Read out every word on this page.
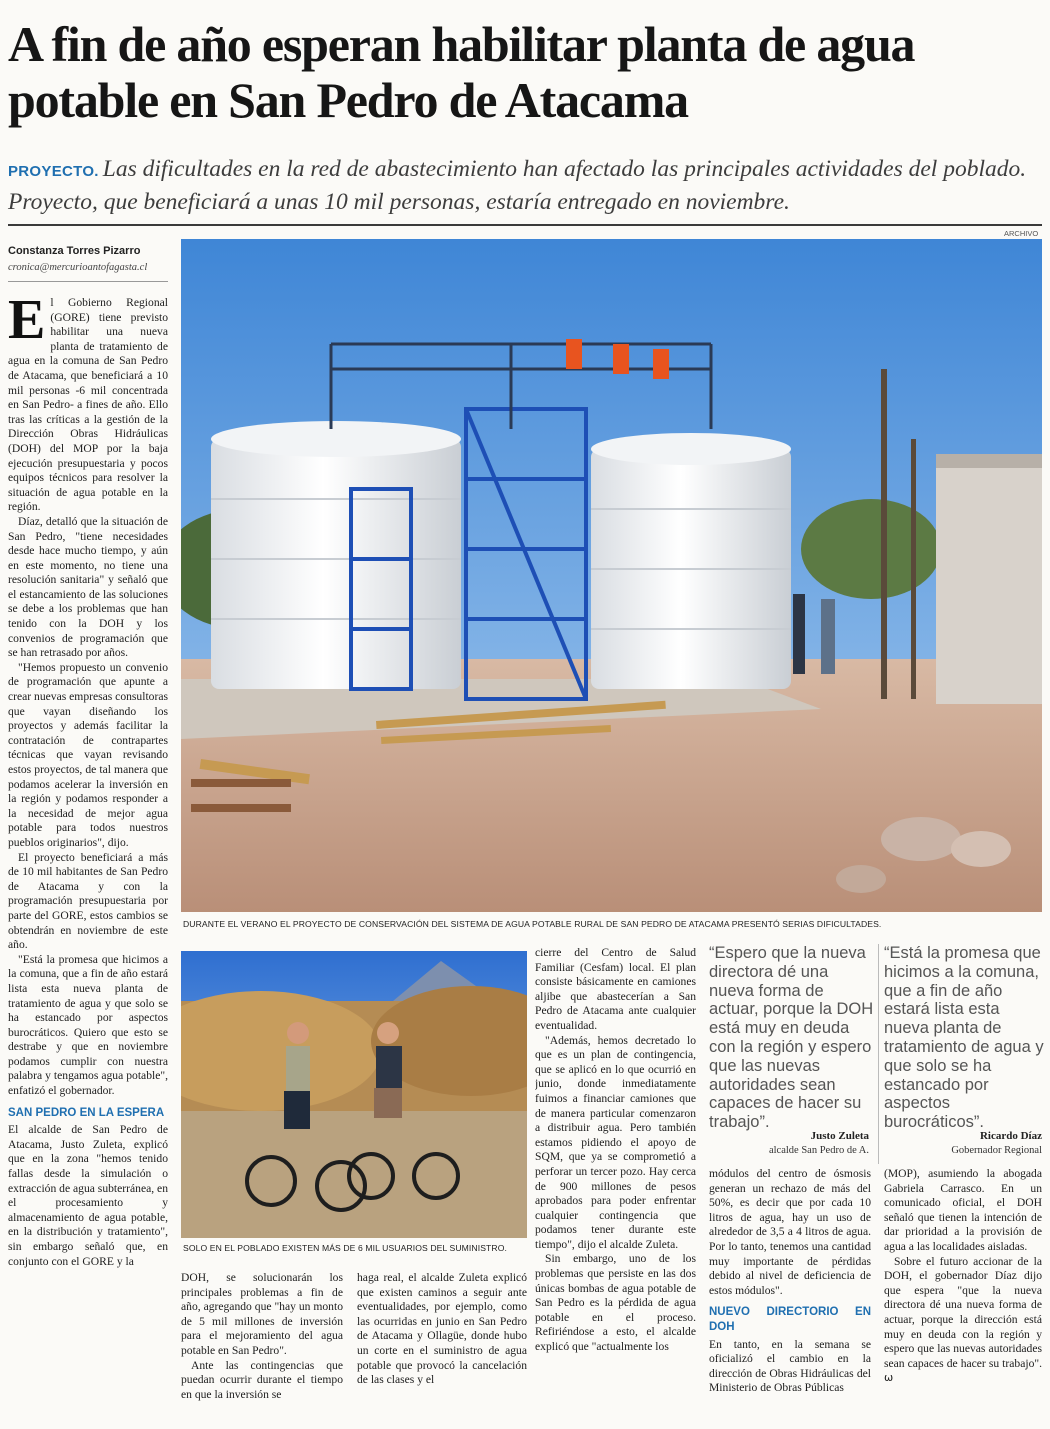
A fin de año esperan habilitar planta de agua potable en San Pedro de Atacama
PROYECTO. Las dificultades en la red de abastecimiento han afectado las principales actividades del poblado. Proyecto, que beneficiará a unas 10 mil personas, estaría entregado en noviembre.
Constanza Torres Pizarro
cronica@mercurioantofagasta.cl

El Gobierno Regional (GORE) tiene previsto habilitar una nueva planta de tratamiento de agua en la comuna de San Pedro de Atacama, que beneficiará a 10 mil personas -6 mil concentrada en San Pedro- a fines de año. Ello tras las críticas a la gestión de la Dirección Obras Hidráulicas (DOH) del MOP por la baja ejecución presupuestaria y pocos equipos técnicos para resolver la situación de agua potable en la región.

Díaz, detalló que la situación de San Pedro, "tiene necesidades desde hace mucho tiempo, y aún en este momento, no tiene una resolución sanitaria" y señaló que el estancamiento de las soluciones se debe a los problemas que han tenido con la DOH y los convenios de programación que se han retrasado por años.

"Hemos propuesto un convenio de programación que apunte a crear nuevas empresas consultoras que vayan diseñando los proyectos y además facilitar la contratación de contrapartes técnicas que vayan revisando estos proyectos, de tal manera que podamos acelerar la inversión en la región y podamos responder a la necesidad de mejor agua potable para todos nuestros pueblos originarios", dijo.

El proyecto beneficiará a más de 10 mil habitantes de San Pedro de Atacama y con la programación presupuestaria por parte del GORE, estos cambios se obtendrán en noviembre de este año.

"Está la promesa que hicimos a la comuna, que a fin de año estará lista esta nueva planta de tratamiento de agua y que solo se ha estancado por aspectos burocráticos. Quiero que esto se destrabe y que en noviembre podamos cumplir con nuestra palabra y tengamos agua potable", enfatizó el gobernador.

SAN PEDRO EN LA ESPERA

El alcalde de San Pedro de Atacama, Justo Zuleta, explicó que en la zona "hemos tenido fallas desde la simulación o extracción de agua subterránea, en el procesamiento y almacenamiento de agua potable, en la distribución y tratamiento", sin embargo señaló que, en conjunto con el GORE y la

ARCHIVO
DURANTE EL VERANO EL PROYECTO DE CONSERVACIÓN DEL SISTEMA DE AGUA POTABLE RURAL DE SAN PEDRO DE ATACAMA PRESENTÓ SERIAS DIFICULTADES.
SOLO EN EL POBLADO EXISTEN MÁS DE 6 MIL USUARIOS DEL SUMINISTRO.

DOH, se solucionarán los principales problemas a fin de año, agregando que "hay un monto de 5 mil millones de inversión para el mejoramiento del agua potable en San Pedro".

Ante las contingencias que puedan ocurrir durante el tiempo en que la inversión se

haga real, el alcalde Zuleta explicó que existen caminos a seguir ante eventualidades, por ejemplo, como las ocurridas en junio en San Pedro de Atacama y Ollagüe, donde hubo un corte en el suministro de agua potable que provocó la cancelación de las clases y el

cierre del Centro de Salud Familiar (Cesfam) local. El plan consiste básicamente en camiones aljibe que abastecerían a San Pedro de Atacama ante cualquier eventualidad.

"Además, hemos decretado lo que es un plan de contingencia, que se aplicó en lo que ocurrió en junio, donde inmediatamente fuimos a financiar camiones que de manera particular comenzaron a distribuir agua. Pero también estamos pidiendo el apoyo de SQM, que ya se comprometió a perforar un tercer pozo. Hay cerca de 900 millones de pesos aprobados para poder enfrentar cualquier contingencia que podamos tener durante este tiempo", dijo el alcalde Zuleta.

Sin embargo, uno de los problemas que persiste en las dos únicas bombas de agua potable de San Pedro es la pérdida de agua potable en el proceso. Refiriéndose a esto, el alcalde explicó que "actualmente los

“Espero que la nueva directora dé una nueva forma de actuar, porque la DOH está muy en deuda con la región y espero que las nuevas autoridades sean capaces de hacer su trabajo”.
Justo Zuleta
alcalde San Pedro de A.
“Está la promesa que hicimos a la comuna, que a fin de año estará lista esta nueva planta de tratamiento de agua y que solo se ha estancado por aspectos burocráticos”.
Ricardo Díaz
Gobernador Regional

módulos del centro de ósmosis generan un rechazo de más del 50%, es decir que por cada 10 litros de agua, hay un uso de alrededor de 3,5 a 4 litros de agua. Por lo tanto, tenemos una cantidad muy importante de pérdidas debido al nivel de deficiencia de estos módulos".

NUEVO DIRECTORIO EN DOH

En tanto, en la semana se oficializó el cambio en la dirección de Obras Hidráulicas del Ministerio de Obras Públicas

(MOP), asumiendo la abogada Gabriela Carrasco. En un comunicado oficial, el DOH señaló que tienen la intención de dar prioridad a la provisión de agua a las localidades aisladas.

Sobre el futuro accionar de la DOH, el gobernador Díaz dijo que espera "que la nueva directora dé una nueva forma de actuar, porque la dirección está muy en deuda con la región y espero que las nuevas autoridades sean capaces de hacer su trabajo". ω
